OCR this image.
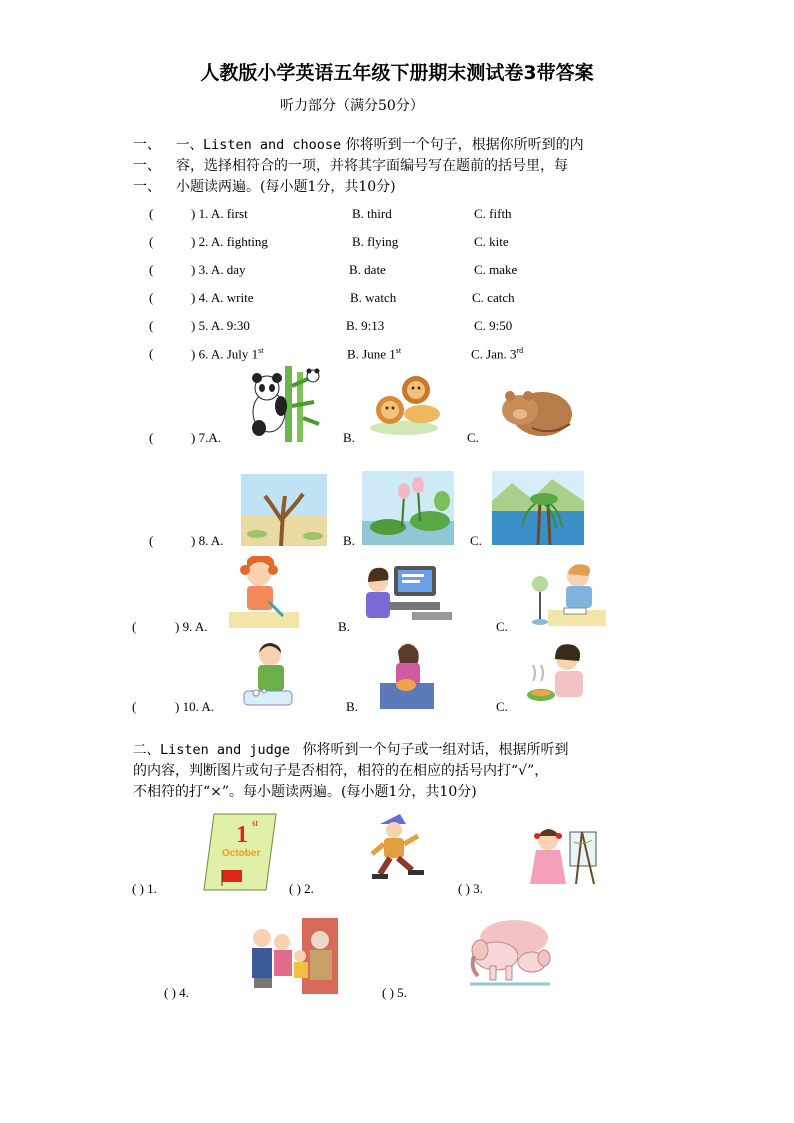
人教版小学英语五年级下册期末测试卷3带答案
听力部分（满分50分）
一、
一、
一、
一、Listen and choose 你将听到一个句子，根据你所听到的内
容，选择相符合的一项，并将其字面编号写在题前的括号里，每
小题读两遍。(每小题1分，共10分)
(	) 1. A. first	B. third	C. fifth
(	) 2. A. fighting	B. flying	C. kite
(	) 3. A. day	B. date	C. make
(	) 4. A. write	B. watch	C. catch
(	) 5. A. 9:30	B. 9:13	C. 9:50
(	) 6. A. July 1st	B. June 1st	C. Jan. 3rd
(	) 7.A.	B.	C.
(	) 8. A.	B.	C.
(	) 9. A.	B.	C.
(	) 10. A.	B.	C.
二、Listen and judge 你将听到一个句子或一组对话，根据所听到
的内容，判断图片或句子是否相符，相符的在相应的括号内打“√”，
不相符的打“×”。每小题读两遍。(每小题1分，共10分)
1 st
October
( ) 1.	( ) 2.	( ) 3.
( ) 4.	( ) 5.
